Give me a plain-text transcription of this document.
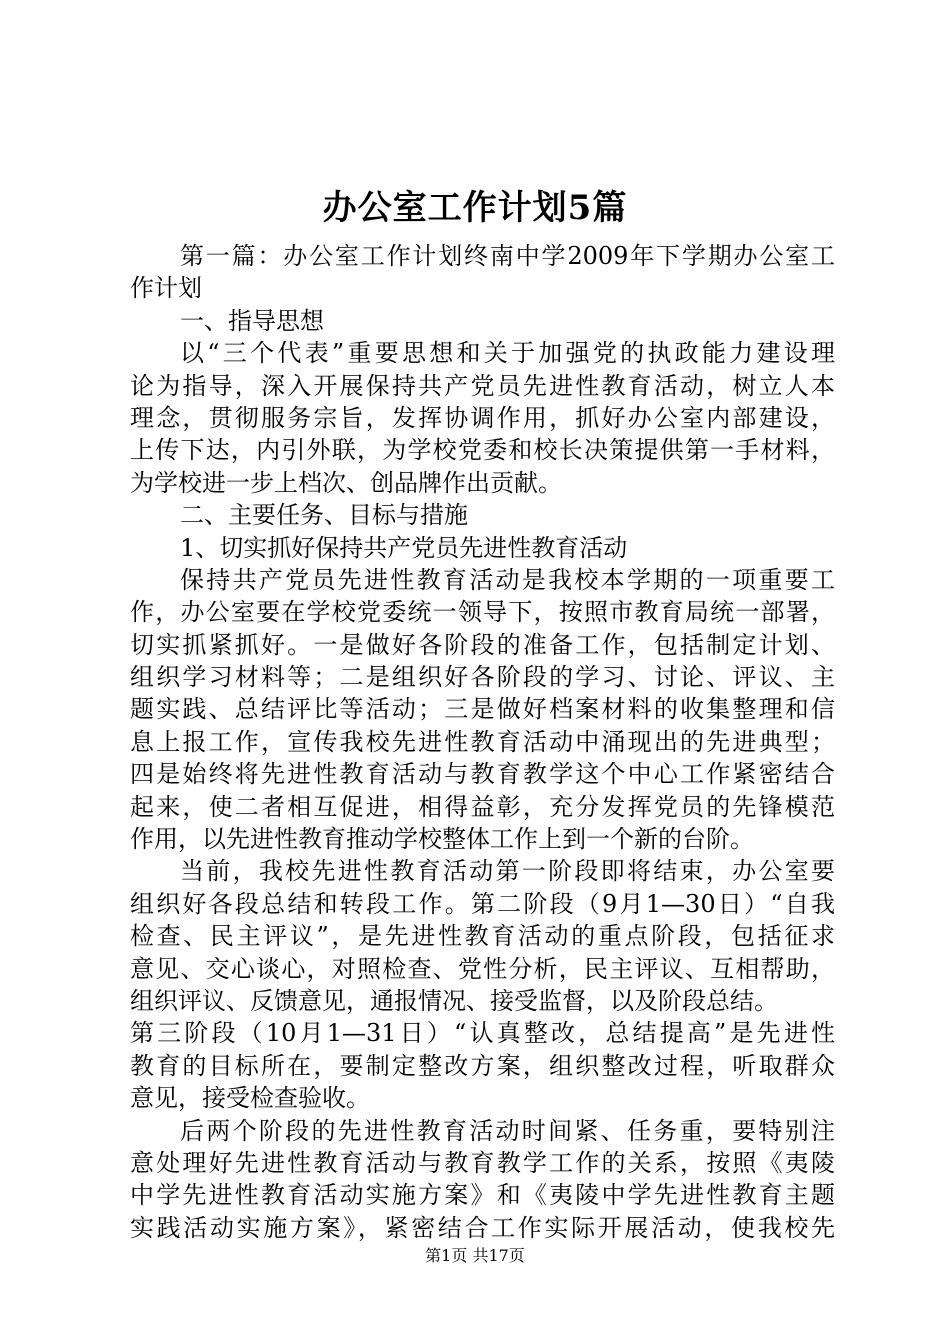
办公室工作计划5篇
第一篇：办公室工作计划终南中学2009年下学期办公室工
作计划
一、指导思想
以“三个代表”重要思想和关于加强党的执政能力建设理
论为指导，深入开展保持共产党员先进性教育活动，树立人本
理念，贯彻服务宗旨，发挥协调作用，抓好办公室内部建设，
上传下达，内引外联，为学校党委和校长决策提供第一手材料，
为学校进一步上档次、创品牌作出贡献。
二、主要任务、目标与措施
1、切实抓好保持共产党员先进性教育活动
保持共产党员先进性教育活动是我校本学期的一项重要工
作，办公室要在学校党委统一领导下，按照市教育局统一部署，
切实抓紧抓好。一是做好各阶段的准备工作，包括制定计划、
组织学习材料等；二是组织好各阶段的学习、讨论、评议、主
题实践、总结评比等活动；三是做好档案材料的收集整理和信
息上报工作，宣传我校先进性教育活动中涌现出的先进典型；
四是始终将先进性教育活动与教育教学这个中心工作紧密结合
起来，使二者相互促进，相得益彰，充分发挥党员的先锋模范
作用，以先进性教育推动学校整体工作上到一个新的台阶。
当前，我校先进性教育活动第一阶段即将结束，办公室要
组织好各段总结和转段工作。第二阶段（9月1—30日）“自我
检查、民主评议”，是先进性教育活动的重点阶段，包括征求
意见、交心谈心，对照检查、党性分析，民主评议、互相帮助，
组织评议、反馈意见，通报情况、接受监督，以及阶段总结。
第三阶段（10月1—31日）“认真整改，总结提高”是先进性
教育的目标所在，要制定整改方案，组织整改过程，听取群众
意见，接受检查验收。
后两个阶段的先进性教育活动时间紧、任务重，要特别注
意处理好先进性教育活动与教育教学工作的关系，按照《夷陵
中学先进性教育活动实施方案》和《夷陵中学先进性教育主题
实践活动实施方案》，紧密结合工作实际开展活动，使我校先
第1页 共17页
